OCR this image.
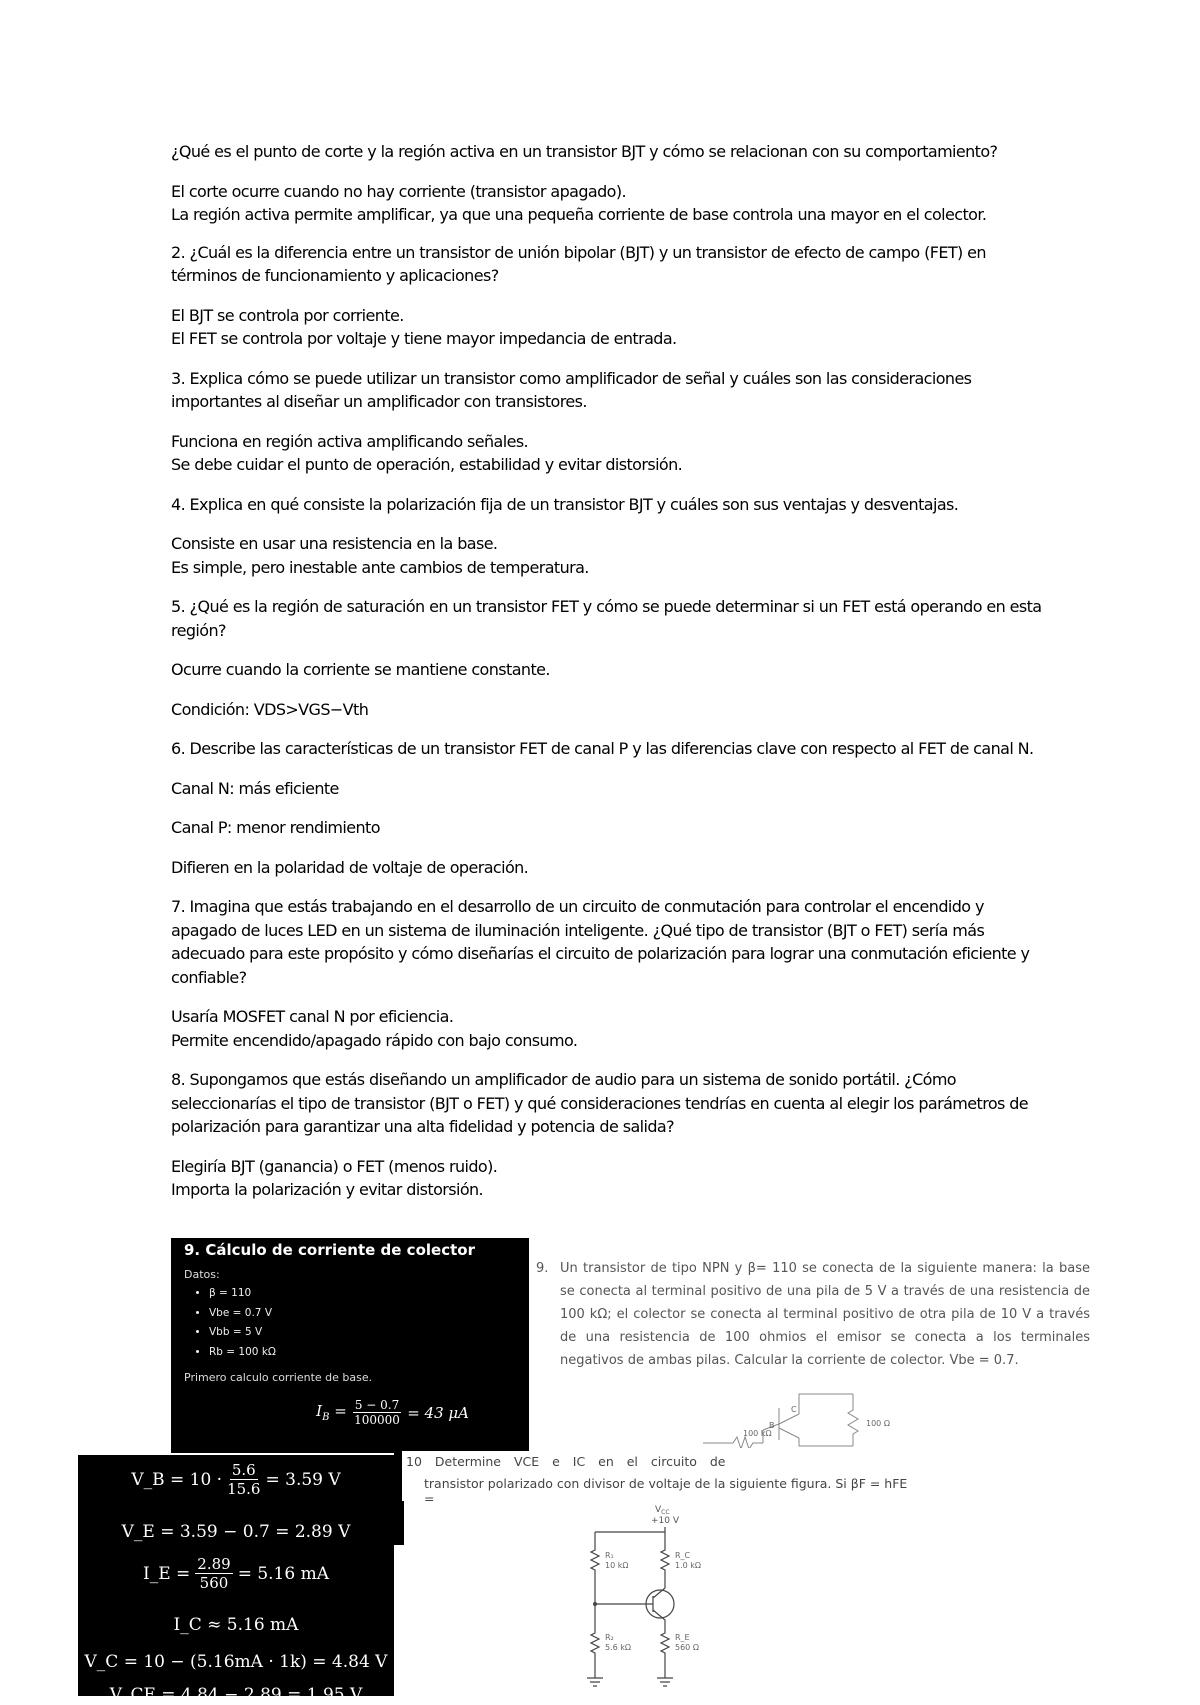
¿Qué es el punto de corte y la región activa en un transistor BJT y cómo se relacionan con su comportamiento?

El corte ocurre cuando no hay corriente (transistor apagado).
La región activa permite amplificar, ya que una pequeña corriente de base controla una mayor en el colector.

2. ¿Cuál es la diferencia entre un transistor de unión bipolar (BJT) y un transistor de efecto de campo (FET) en términos de funcionamiento y aplicaciones?

El BJT se controla por corriente.
El FET se controla por voltaje y tiene mayor impedancia de entrada.

3. Explica cómo se puede utilizar un transistor como amplificador de señal y cuáles son las consideraciones importantes al diseñar un amplificador con transistores.

Funciona en región activa amplificando señales.
Se debe cuidar el punto de operación, estabilidad y evitar distorsión.

4. Explica en qué consiste la polarización fija de un transistor BJT y cuáles son sus ventajas y desventajas.

Consiste en usar una resistencia en la base.
Es simple, pero inestable ante cambios de temperatura.

5. ¿Qué es la región de saturación en un transistor FET y cómo se puede determinar si un FET está operando en esta región?

Ocurre cuando la corriente se mantiene constante.

Condición: VDS>VGS−Vth

6. Describe las características de un transistor FET de canal P y las diferencias clave con respecto al FET de canal N.

Canal N: más eficiente

Canal P: menor rendimiento

Difieren en la polaridad de voltaje de operación.

7. Imagina que estás trabajando en el desarrollo de un circuito de conmutación para controlar el encendido y apagado de luces LED en un sistema de iluminación inteligente. ¿Qué tipo de transistor (BJT o FET) sería más adecuado para este propósito y cómo diseñarías el circuito de polarización para lograr una conmutación eficiente y confiable?

Usaría MOSFET canal N por eficiencia.
Permite encendido/apagado rápido con bajo consumo.

8. Supongamos que estás diseñando un amplificador de audio para un sistema de sonido portátil. ¿Cómo seleccionarías el tipo de transistor (BJT o FET) y qué consideraciones tendrías en cuenta al elegir los parámetros de polarización para garantizar una alta fidelidad y potencia de salida?

Elegiría BJT (ganancia) o FET (menos ruido).
Importa la polarización y evitar distorsión.

9. Cálculo de corriente de colector
Datos:
• β = 110
• Vbe = 0.7 V
• Vbb = 5 V
• Rb = 100 kΩ
Primero calculo corriente de base.
$I_B = \frac{5 - 0.7}{100000} = 43$ μA
9. Un transistor de tipo NPN y β= 110 se conecta de la siguiente manera: la base se conecta al terminal positivo de una pila de 5 V a través de una resistencia de 100 kΩ; el colector se conecta al terminal positivo de otra pila de 10 V a través de una resistencia de 100 ohmios el emisor se conecta a los terminales negativos de ambas pilas. Calcular la corriente de colector. Vbe = 0.7.
100 kΩ
100 Ω
C
B
10 Determine VCE e IC en el circuito de
transistor polarizado con divisor de voltaje de la siguiente figura. Si βF = hFE =
$V_{CC}$
+10 V
R₁
10 kΩ
R_C
1.0 kΩ
R₂
5.6 kΩ
R_E
560 Ω
V_B = $10 \cdot \frac{5.6}{15.6} = 3.59$ V
V_E = 3.59 − 0.7 = 2.89 V
I_E = $\frac{2.89}{560} = 5.16$ mA
I_C ≈ 5.16 mA
V_C = 10 − (5.16mA · 1k) = 4.84 V
V_CE = 4.84 − 2.89 = 1.95 V
